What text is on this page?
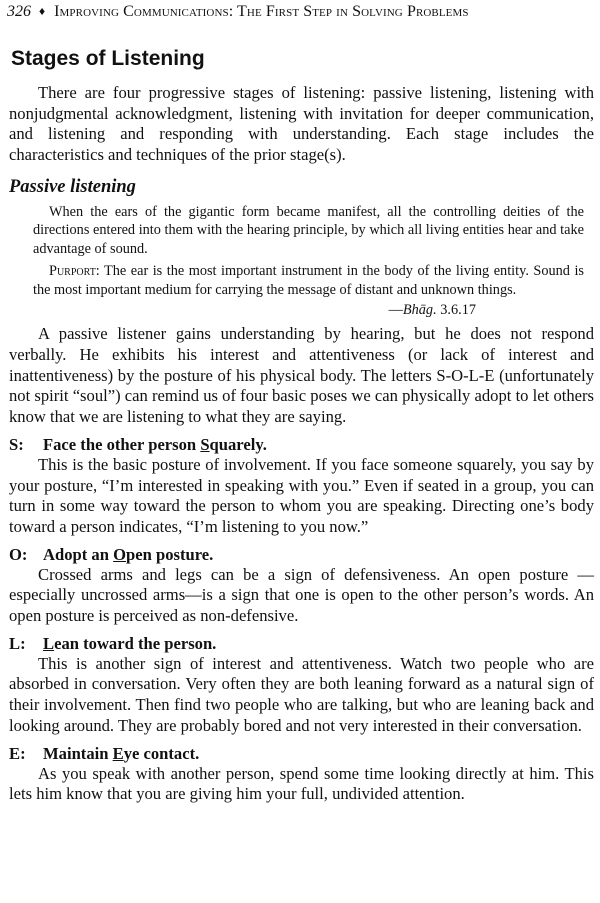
326 ♦ Improving Communications: The First Step in Solving Problems
Stages of Listening

There are four progressive stages of listening: passive listening, listening with nonjudgmental acknowledgment, listening with invitation for deeper communication, and listening and responding with understanding. Each stage includes the characteristics and techniques of the prior stage(s).

Passive listening

When the ears of the gigantic form became manifest, all the controlling deities of the directions entered into them with the hearing principle, by which all living entities hear and take advantage of sound.

Purport: The ear is the most important instrument in the body of the living entity. Sound is the most important medium for carrying the message of distant and unknown things.

—Bhāg. 3.6.17

A passive listener gains understanding by hearing, but he does not respond verbally. He exhibits his interest and attentiveness (or lack of interest and inattentiveness) by the posture of his physical body. The letters S-O-L-E (unfortunately not spirit “soul”) can remind us of four basic poses we can physically adopt to let others know that we are listening to what they are saying.

S: Face the other person Squarely.

This is the basic posture of involvement. If you face someone squarely, you say by your posture, “I’m interested in speaking with you.” Even if seated in a group, you can turn in some way toward the person to whom you are speaking. Directing one’s body toward a person indicates, “I’m listening to you now.”

O: Adopt an Open posture.

Crossed arms and legs can be a sign of defensiveness. An open posture —especially uncrossed arms—is a sign that one is open to the other person’s words. An open posture is perceived as non-defensive.

L: Lean toward the person.

This is another sign of interest and attentiveness. Watch two people who are absorbed in conversation. Very often they are both leaning forward as a natural sign of their involvement. Then find two people who are talking, but who are leaning back and looking around. They are probably bored and not very interested in their conversation.

E: Maintain Eye contact.

As you speak with another person, spend some time looking directly at him. This lets him know that you are giving him your full, undivided attention.
